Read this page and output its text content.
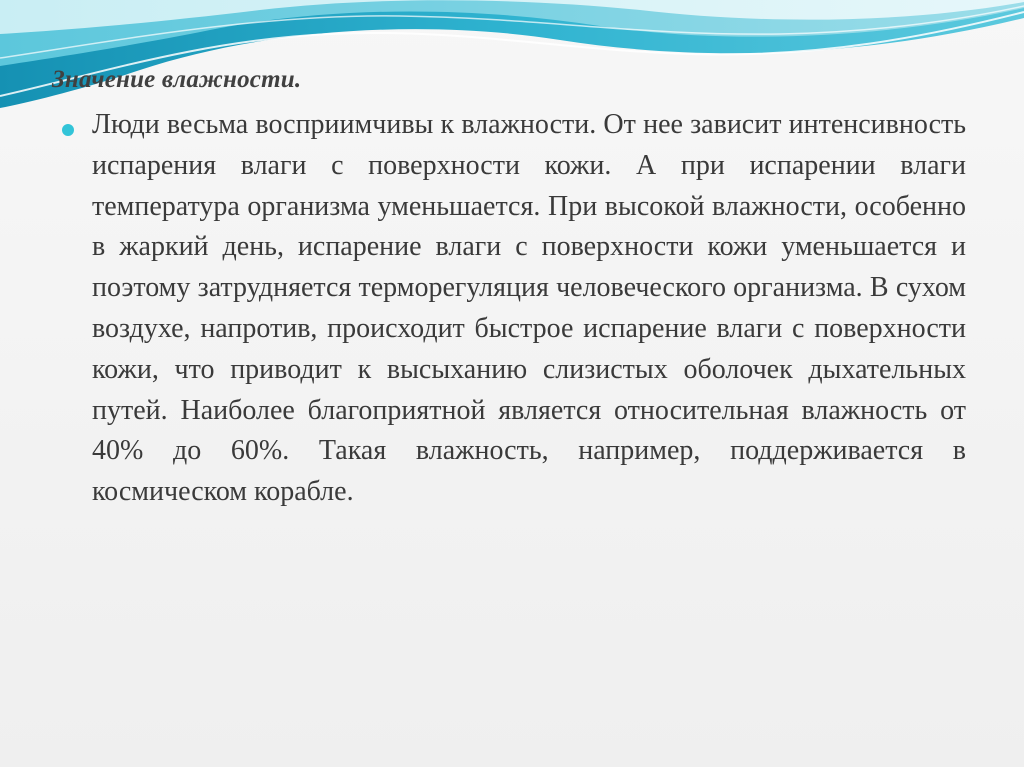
Значение влажности.

Люди весьма восприимчивы к влажности. От нее зависит интенсивность испарения влаги с поверхности кожи. А при испарении влаги температура организма уменьшается. При высокой влажности, особенно в жаркий день, испарение влаги с поверхности кожи уменьшается и поэтому затрудняется терморегуляция человеческого организма. В сухом воздухе, напротив, происходит быстрое испарение влаги с поверхности кожи, что приводит к высыханию слизистых оболочек дыхательных путей. Наиболее благоприятной является относительная влажность от 40% до 60%. Такая влажность, например, поддерживается в космическом корабле.
